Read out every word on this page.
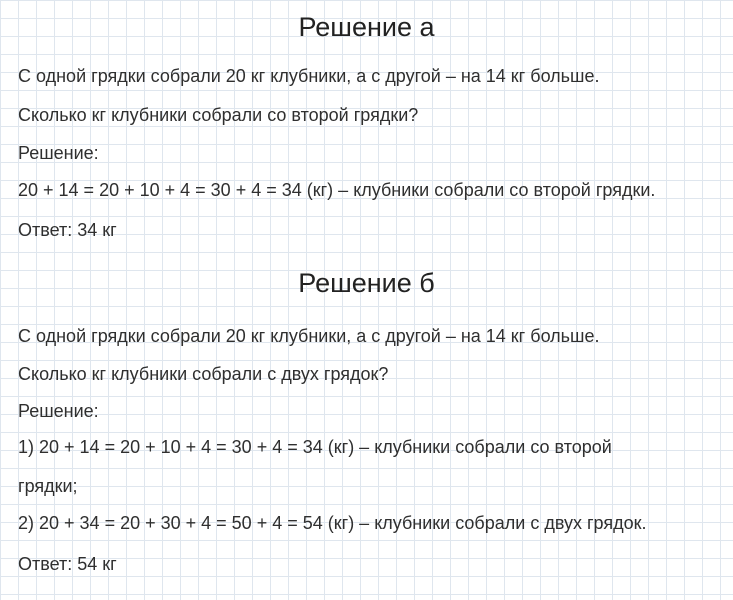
Решение а
С одной грядки собрали 20 кг клубники, а с другой – на 14 кг больше.
Сколько кг клубники собрали со второй грядки?
Решение:
20 + 14 = 20 + 10 + 4 = 30 + 4 = 34 (кг) – клубники собрали со второй грядки.
Ответ: 34 кг
Решение б
С одной грядки собрали 20 кг клубники, а с другой – на 14 кг больше.
Сколько кг клубники собрали с двух грядок?
Решение:
1) 20 + 14 = 20 + 10 + 4 = 30 + 4 = 34 (кг) – клубники собрали со второй
грядки;
2) 20 + 34 = 20 + 30 + 4 = 50 + 4 = 54 (кг) – клубники собрали с двух грядок.
Ответ: 54 кг
